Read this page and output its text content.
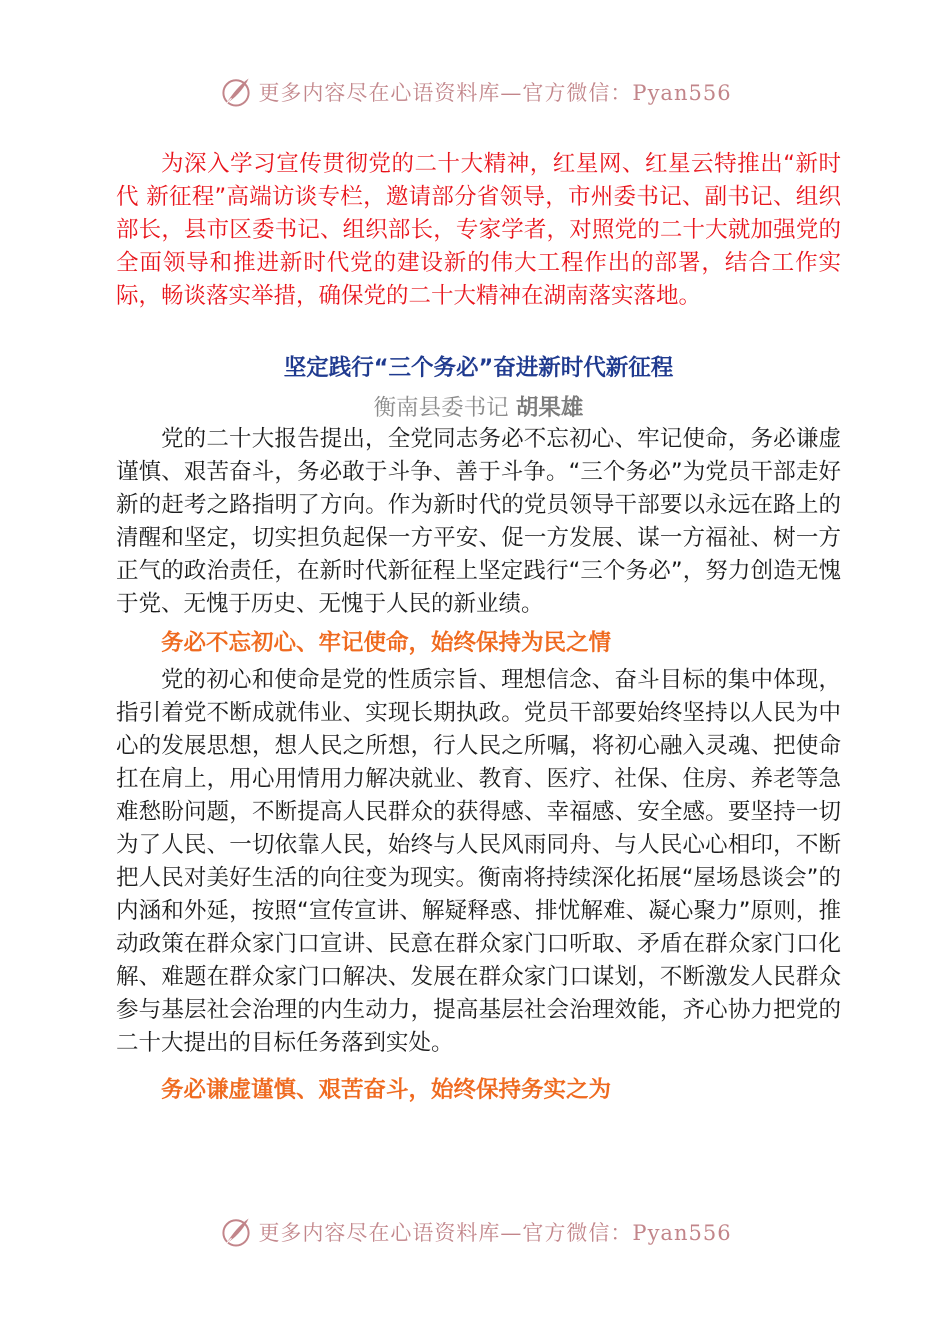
更多内容尽在心语资料库—官方微信：Pyan556

为深入学习宣传贯彻党的二十大精神，红星网、红星云特推出“新时代 新征程”高端访谈专栏，邀请部分省领导，市州委书记、副书记、组织部长，县市区委书记、组织部长，专家学者，对照党的二十大就加强党的全面领导和推进新时代党的建设新的伟大工程作出的部署，结合工作实际，畅谈落实举措，确保党的二十大精神在湖南落实落地。

坚定践行“三个务必”奋进新时代新征程
衡南县委书记 胡果雄

党的二十大报告提出，全党同志务必不忘初心、牢记使命，务必谦虚谨慎、艰苦奋斗，务必敢于斗争、善于斗争。“三个务必”为党员干部走好新的赶考之路指明了方向。作为新时代的党员领导干部要以永远在路上的清醒和坚定，切实担负起保一方平安、促一方发展、谋一方福祉、树一方正气的政治责任，在新时代新征程上坚定践行“三个务必”，努力创造无愧于党、无愧于历史、无愧于人民的新业绩。

务必不忘初心、牢记使命，始终保持为民之情

党的初心和使命是党的性质宗旨、理想信念、奋斗目标的集中体现，指引着党不断成就伟业、实现长期执政。党员干部要始终坚持以人民为中心的发展思想，想人民之所想，行人民之所嘱，将初心融入灵魂、把使命扛在肩上，用心用情用力解决就业、教育、医疗、社保、住房、养老等急难愁盼问题，不断提高人民群众的获得感、幸福感、安全感。要坚持一切为了人民、一切依靠人民，始终与人民风雨同舟、与人民心心相印，不断把人民对美好生活的向往变为现实。衡南将持续深化拓展“屋场恳谈会”的内涵和外延，按照“宣传宣讲、解疑释惑、排忧解难、凝心聚力”原则，推动政策在群众家门口宣讲、民意在群众家门口听取、矛盾在群众家门口化解、难题在群众家门口解决、发展在群众家门口谋划，不断激发人民群众参与基层社会治理的内生动力，提高基层社会治理效能，齐心协力把党的二十大提出的目标任务落到实处。

务必谦虚谨慎、艰苦奋斗，始终保持务实之为
更多内容尽在心语资料库—官方微信：Pyan556
